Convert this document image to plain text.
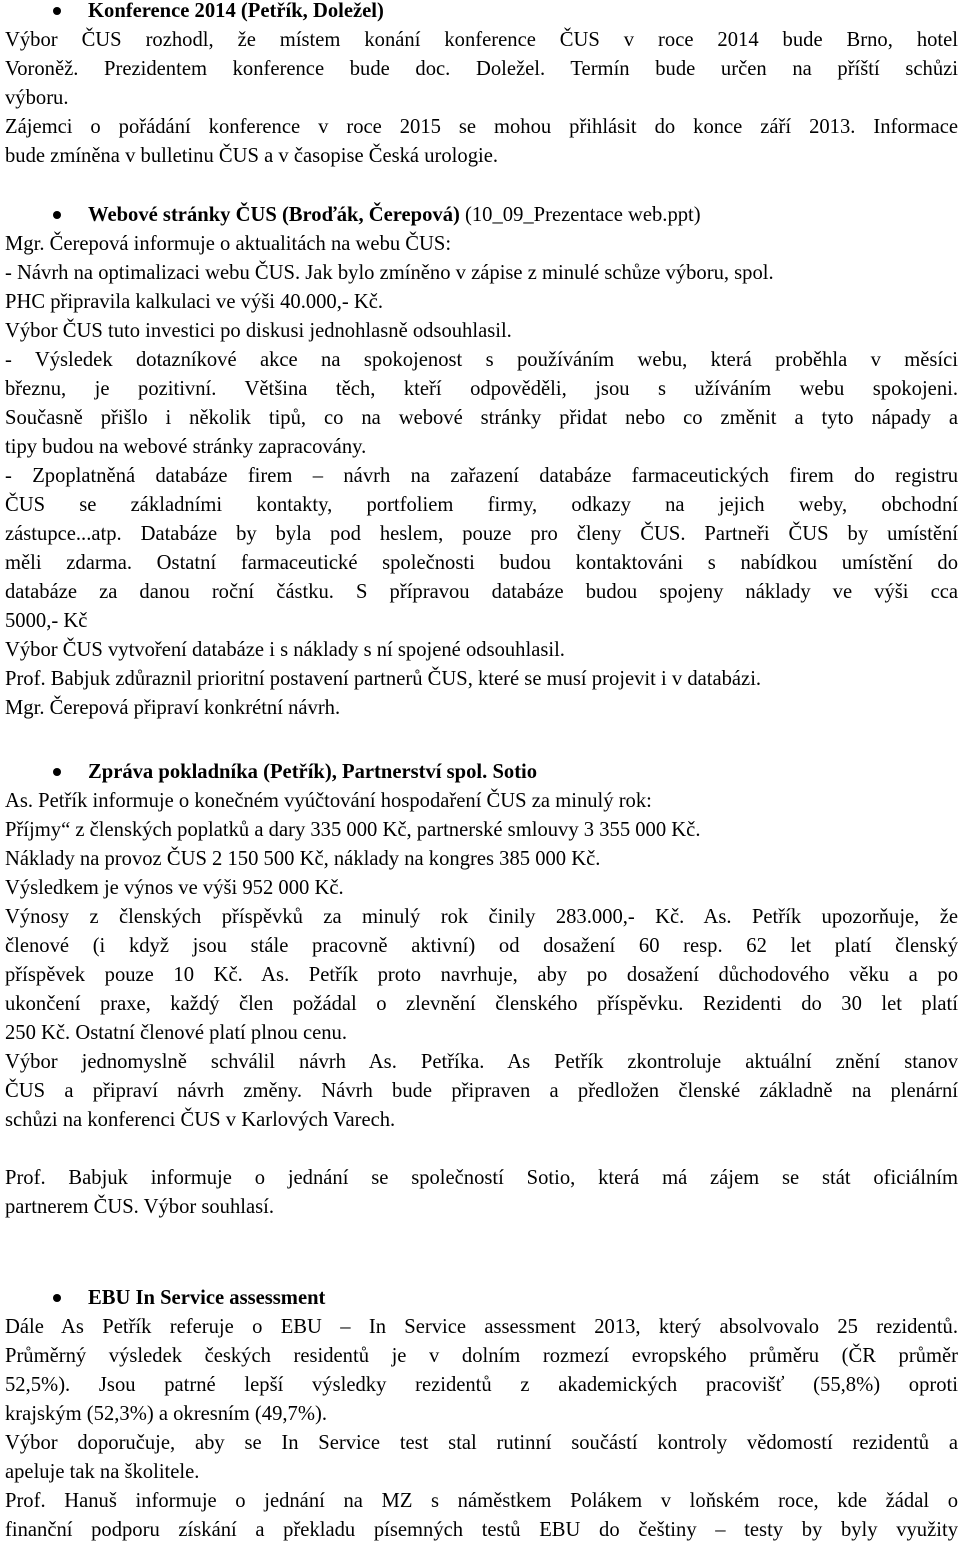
Konference 2014 (Petřík, Doležel)
Výbor ČUS rozhodl, že místem konání konference ČUS v roce 2014 bude Brno, hotel
Voroněž. Prezidentem konference bude doc. Doležel. Termín bude určen na příští schůzi
výboru.
Zájemci o pořádání konference v roce 2015 se mohou přihlásit do konce září 2013. Informace
bude zmíněna v bulletinu ČUS a v časopise Česká urologie.
Webové stránky ČUS (Broďák, Čerepová) (10_09_Prezentace web.ppt)
Mgr. Čerepová informuje o aktualitách na webu ČUS:
- Návrh na optimalizaci webu ČUS. Jak bylo zmíněno v zápise z minulé schůze výboru, spol.
PHC připravila kalkulaci ve výši 40.000,- Kč.
Výbor ČUS tuto investici po diskusi jednohlasně odsouhlasil.
- Výsledek dotazníkové akce na spokojenost s používáním webu, která proběhla v měsíci
březnu, je pozitivní. Většina těch, kteří odpověděli, jsou s užíváním webu spokojeni.
Současně přišlo i několik tipů, co na webové stránky přidat nebo co změnit a tyto nápady a
tipy budou na webové stránky zapracovány.
- Zpoplatněná databáze firem – návrh na zařazení databáze farmaceutických firem do registru
ČUS se základními kontakty, portfoliem firmy, odkazy na jejich weby, obchodní
zástupce...atp. Databáze by byla pod heslem, pouze pro členy ČUS. Partneři ČUS by umístění
měli zdarma. Ostatní farmaceutické společnosti budou kontaktováni s nabídkou umístění do
databáze za danou roční částku. S přípravou databáze budou spojeny náklady ve výši cca
5000,- Kč
Výbor ČUS vytvoření databáze i s náklady s ní spojené odsouhlasil.
Prof. Babjuk zdůraznil prioritní postavení partnerů ČUS, které se musí projevit i v databázi.
Mgr. Čerepová připraví konkrétní návrh.
Zpráva pokladníka (Petřík), Partnerství spol. Sotio
As. Petřík informuje o konečném vyúčtování hospodaření ČUS za minulý rok:
Příjmy“ z členských poplatků a dary 335 000 Kč, partnerské smlouvy 3 355 000 Kč.
Náklady na provoz ČUS 2 150 500 Kč, náklady na kongres 385 000 Kč.
Výsledkem je výnos ve výši 952 000 Kč.
Výnosy z členských příspěvků za minulý rok činily 283.000,- Kč. As. Petřík upozorňuje, že
členové (i když jsou stále pracovně aktivní) od dosažení 60 resp. 62 let platí členský
příspěvek pouze 10 Kč. As. Petřík proto navrhuje, aby po dosažení důchodového věku a po
ukončení praxe, každý člen požádal o zlevnění členského příspěvku. Rezidenti do 30 let platí
250 Kč. Ostatní členové platí plnou cenu.
Výbor jednomyslně schválil návrh As. Petříka. As Petřík zkontroluje aktuální znění stanov
ČUS a připraví návrh změny. Návrh bude připraven a předložen členské základně na plenární
schůzi na konferenci ČUS v Karlových Varech.
Prof. Babjuk informuje o jednání se společností Sotio, která má zájem se stát oficiálním
partnerem ČUS. Výbor souhlasí.
EBU In Service assessment
Dále As Petřík referuje o EBU – In Service assessment 2013, který absolvovalo 25 rezidentů.
Průměrný výsledek českých residentů je v dolním rozmezí evropského průměru (ČR průměr
52,5%). Jsou patrné lepší výsledky rezidentů z akademických pracovišť (55,8%) oproti
krajským (52,3%) a okresním (49,7%).
Výbor doporučuje, aby se In Service test stal rutinní součástí kontroly vědomostí rezidentů a
apeluje tak na školitele.
Prof. Hanuš informuje o jednání na MZ s náměstkem Polákem v loňském roce, kde žádal o
finanční podporu získání a překladu písemných testů EBU do češtiny – testy by byly využity
